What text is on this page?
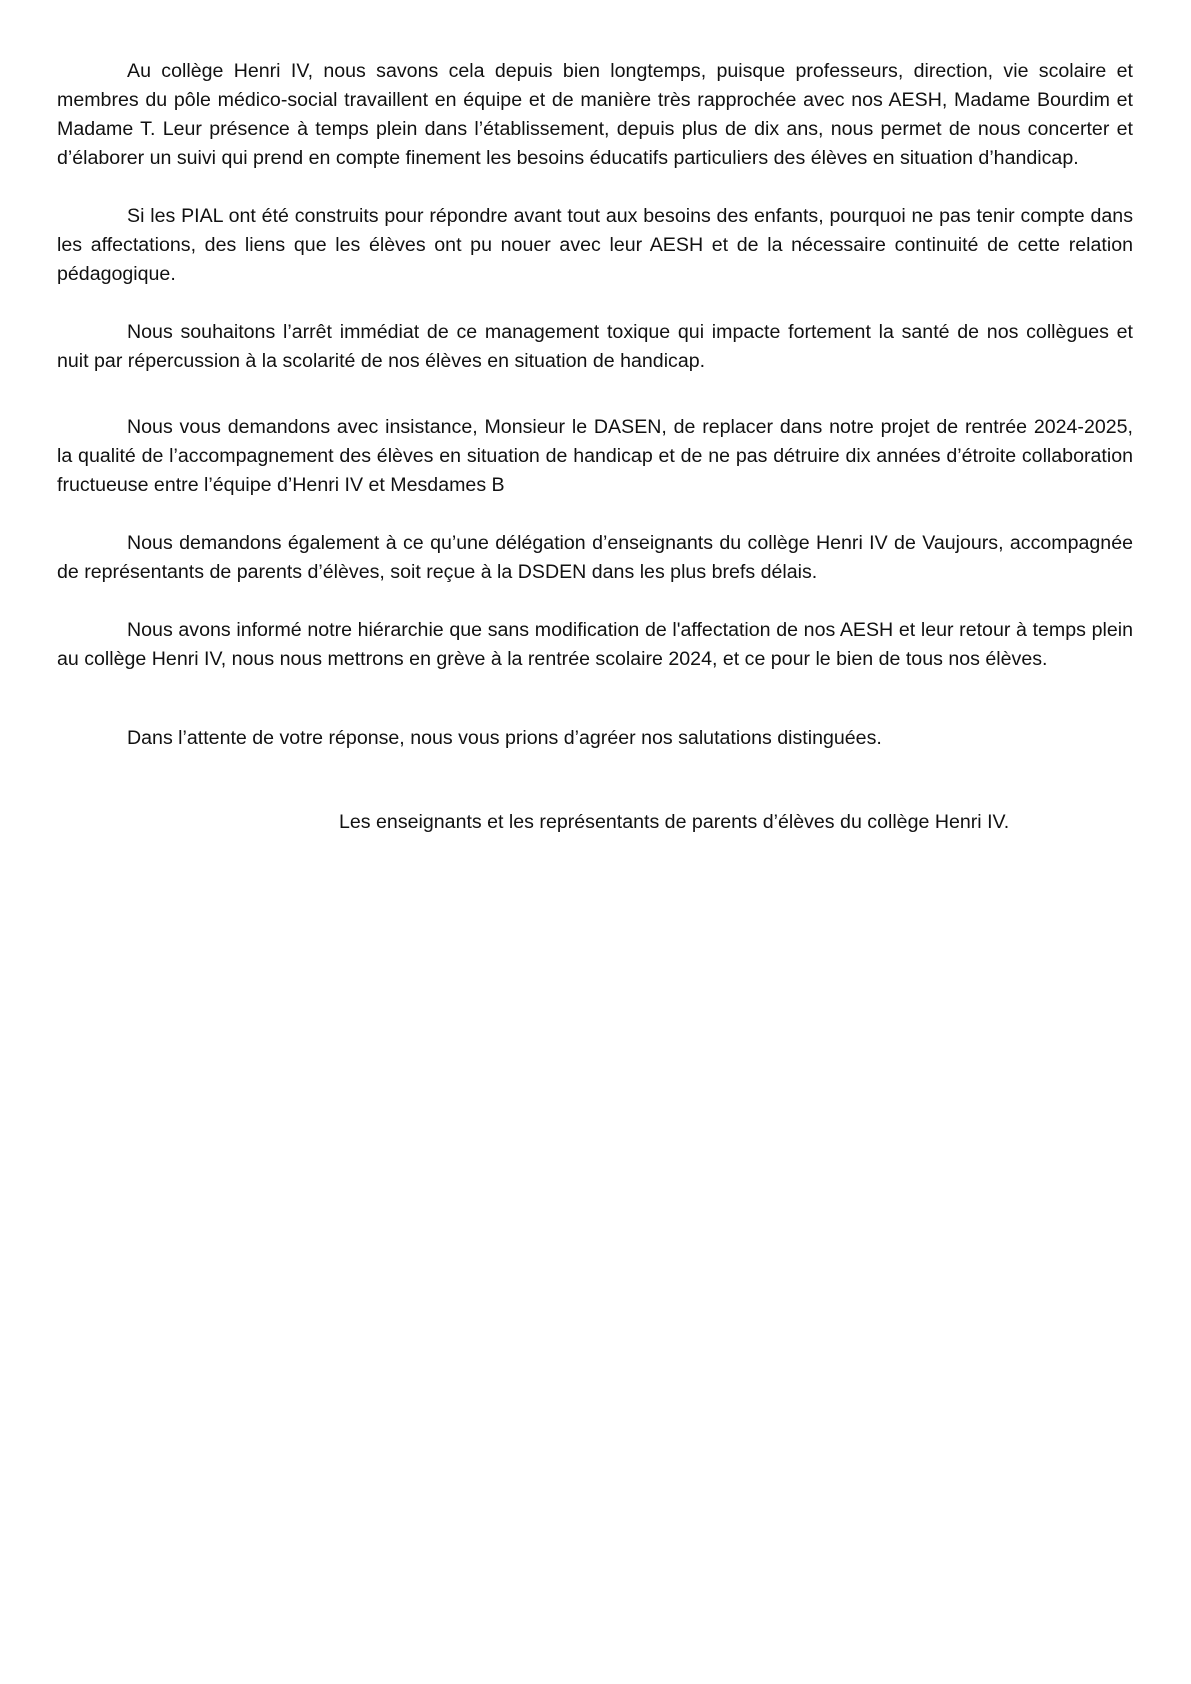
Au collège Henri IV, nous savons cela depuis bien longtemps, puisque professeurs, direction, vie scolaire et membres du pôle médico-social travaillent en équipe et de manière très rapprochée avec nos AESH, Madame Bourdim et Madame T. Leur présence à temps plein dans l’établissement, depuis plus de dix ans, nous permet de nous concerter et d’élaborer un suivi qui prend en compte finement les besoins éducatifs particuliers des élèves en situation d’handicap.

Si les PIAL ont été construits pour répondre avant tout aux besoins des enfants, pourquoi ne pas tenir compte dans les affectations, des liens que les élèves ont pu nouer avec leur AESH et de la nécessaire continuité de cette relation pédagogique.

Nous souhaitons l’arrêt immédiat de ce management toxique qui impacte fortement la santé de nos collègues et nuit par répercussion à la scolarité de nos élèves en situation de handicap.

Nous vous demandons avec insistance, Monsieur le DASEN, de replacer dans notre projet de rentrée 2024-2025, la qualité de l’accompagnement des élèves en situation de handicap et de ne pas détruire dix années d’étroite collaboration fructueuse entre l’équipe d’Henri IV et Mesdames B

Nous demandons également à ce qu’une délégation d’enseignants du collège Henri IV de Vaujours, accompagnée de représentants de parents d’élèves, soit reçue à la DSDEN dans les plus brefs délais.

Nous avons informé notre hiérarchie que sans modification de l'affectation de nos AESH et leur retour à temps plein au collège Henri IV, nous nous mettrons en grève à la rentrée scolaire 2024, et ce pour le bien de tous nos élèves.

Dans l’attente de votre réponse, nous vous prions d’agréer nos salutations distinguées.

Les enseignants et les représentants de parents d’élèves du collège Henri IV.
